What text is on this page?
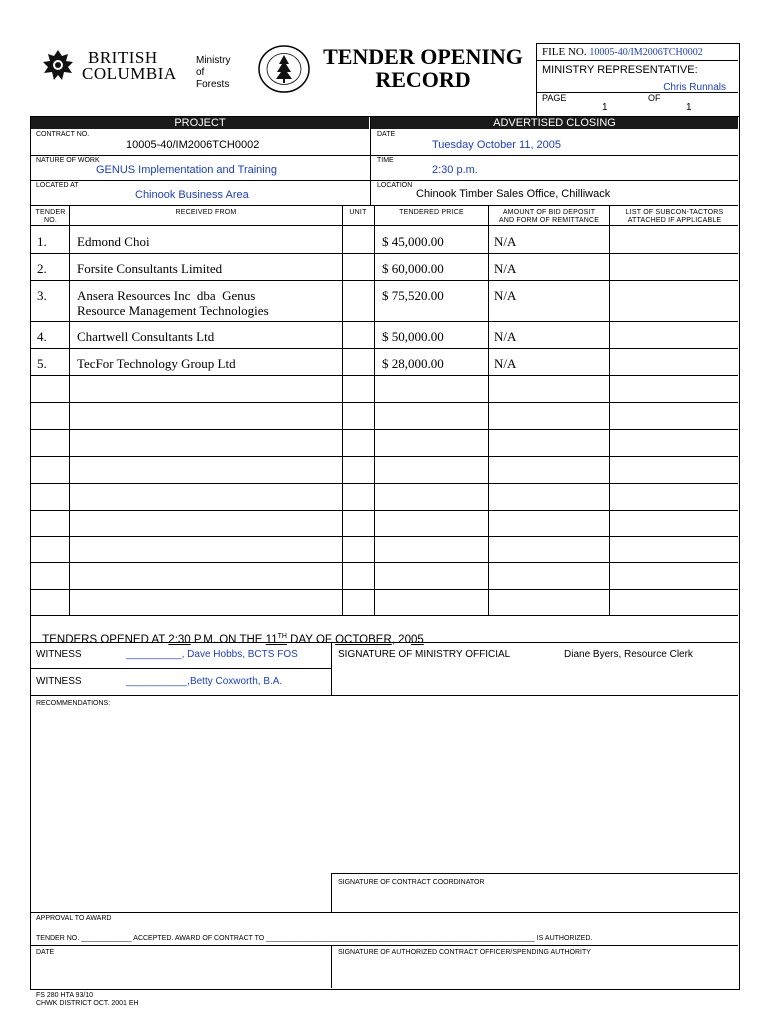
BRITISH
COLUMBIA
Ministry
of
Forests
TENDER OPENING
RECORD
FILE NO. 10005-40/IM2006TCH0002
MINISTRY REPRESENTATIVE:
Chris Runnals
PAGE	OF
1	1
PROJECT	ADVERTISED CLOSING
CONTRACT NO.
10005-40/IM2006TCH0002
DATE
Tuesday October 11, 2005
NATURE OF WORK
GENUS Implementation and Training
TIME
2:30 p.m.
LOCATED AT
Chinook Business Area
LOCATION
Chinook Timber Sales Office, Chilliwack
TENDER
NO.
RECEIVED FROM	UNIT	TENDERED PRICE	AMOUNT OF BID DEPOSIT
AND FORM OF REMITTANCE
LIST OF SUBCON-TACTORS
ATTACHED IF APPLICABLE
1. Edmond Choi	$ 45,000.00	N/A
2. Forsite Consultants Limited	$ 60,000.00	N/A
3. Ansera Resources Inc  dba  Genus
Resource Management Technologies
$ 75,520.00	N/A
4. Chartwell Consultants Ltd	$ 50,000.00	N/A
5. TecFor Technology Group Ltd	$ 28,000.00	N/A

TENDERS OPENED AT 2:30 P.M. ON THE 11TH DAY OF OCTOBER, 2005

WITNESS	__________, Dave Hobbs, BCTS FOS
WITNESS	___________,Betty Coxworth, B.A.
SIGNATURE OF MINISTRY OFFICIAL	Diane Byers, Resource Clerk
RECOMMENDATIONS:
SIGNATURE OF CONTRACT COORDINATOR
APPROVAL TO AWARD
TENDER NO. _____________ ACCEPTED. AWARD OF CONTRACT TO _____________________________________________________________________ IS AUTHORIZED.
DATE	SIGNATURE OF AUTHORIZED CONTRACT OFFICER/SPENDING AUTHORITY
FS 280 HTA 93/10
CHWK DISTRICT OCT. 2001 EH
